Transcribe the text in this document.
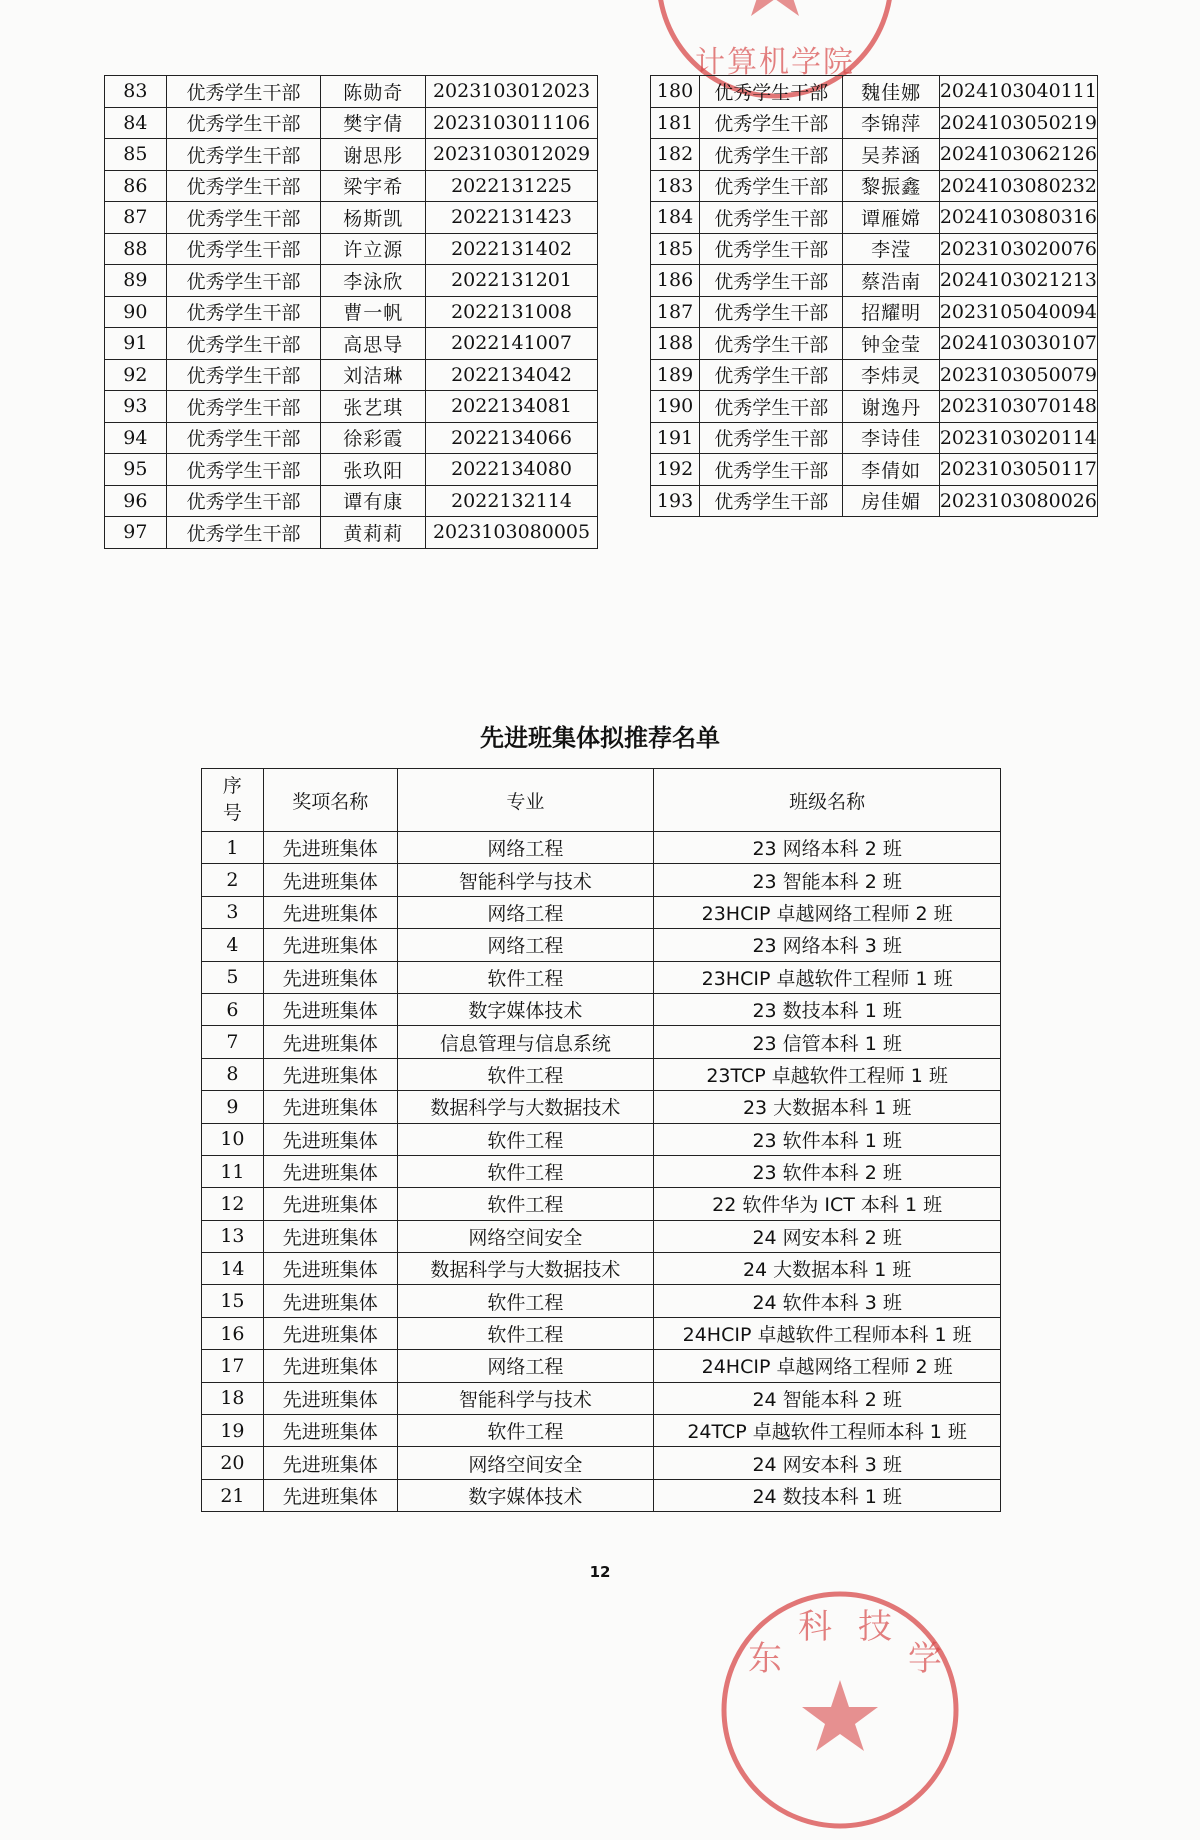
计算机学院
东科 技学
83	优秀学生干部	陈勋奇	2023103012023
84	优秀学生干部	樊宇倩	2023103011106
85	优秀学生干部	谢思彤	2023103012029
86	优秀学生干部	梁宇希	2022131225
87	优秀学生干部	杨斯凯	2022131423
88	优秀学生干部	许立源	2022131402
89	优秀学生干部	李泳欣	2022131201
90	优秀学生干部	曹一帆	2022131008
91	优秀学生干部	高思导	2022141007
92	优秀学生干部	刘洁琳	2022134042
93	优秀学生干部	张艺琪	2022134081
94	优秀学生干部	徐彩霞	2022134066
95	优秀学生干部	张玖阳	2022134080
96	优秀学生干部	谭有康	2022132114
97	优秀学生干部	黄莉莉	2023103080005
180	优秀学生干部	魏佳娜	2024103040111
181	优秀学生干部	李锦萍	2024103050219
182	优秀学生干部	吴荞涵	2024103062126
183	优秀学生干部	黎振鑫	2024103080232
184	优秀学生干部	谭雁嫦	2024103080316
185	优秀学生干部	李滢	2023103020076
186	优秀学生干部	蔡浩南	2024103021213
187	优秀学生干部	招耀明	2023105040094
188	优秀学生干部	钟金莹	2024103030107
189	优秀学生干部	李炜灵	2023103050079
190	优秀学生干部	谢逸丹	2023103070148
191	优秀学生干部	李诗佳	2023103020114
192	优秀学生干部	李倩如	2023103050117
193	优秀学生干部	房佳媚	2023103080026
先进班集体拟推荐名单
序
号	奖项名称	专业	班级名称
1	先进班集体	网络工程	23 网络本科 2 班
2	先进班集体	智能科学与技术	23 智能本科 2 班
3	先进班集体	网络工程	23HCIP 卓越网络工程师 2 班
4	先进班集体	网络工程	23 网络本科 3 班
5	先进班集体	软件工程	23HCIP 卓越软件工程师 1 班
6	先进班集体	数字媒体技术	23 数技本科 1 班
7	先进班集体	信息管理与信息系统	23 信管本科 1 班
8	先进班集体	软件工程	23TCP 卓越软件工程师 1 班
9	先进班集体	数据科学与大数据技术	23 大数据本科 1 班
10	先进班集体	软件工程	23 软件本科 1 班
11	先进班集体	软件工程	23 软件本科 2 班
12	先进班集体	软件工程	22 软件华为 ICT 本科 1 班
13	先进班集体	网络空间安全	24 网安本科 2 班
14	先进班集体	数据科学与大数据技术	24 大数据本科 1 班
15	先进班集体	软件工程	24 软件本科 3 班
16	先进班集体	软件工程	24HCIP 卓越软件工程师本科 1 班
17	先进班集体	网络工程	24HCIP 卓越网络工程师 2 班
18	先进班集体	智能科学与技术	24 智能本科 2 班
19	先进班集体	软件工程	24TCP 卓越软件工程师本科 1 班
20	先进班集体	网络空间安全	24 网安本科 3 班
21	先进班集体	数字媒体技术	24 数技本科 1 班
12
